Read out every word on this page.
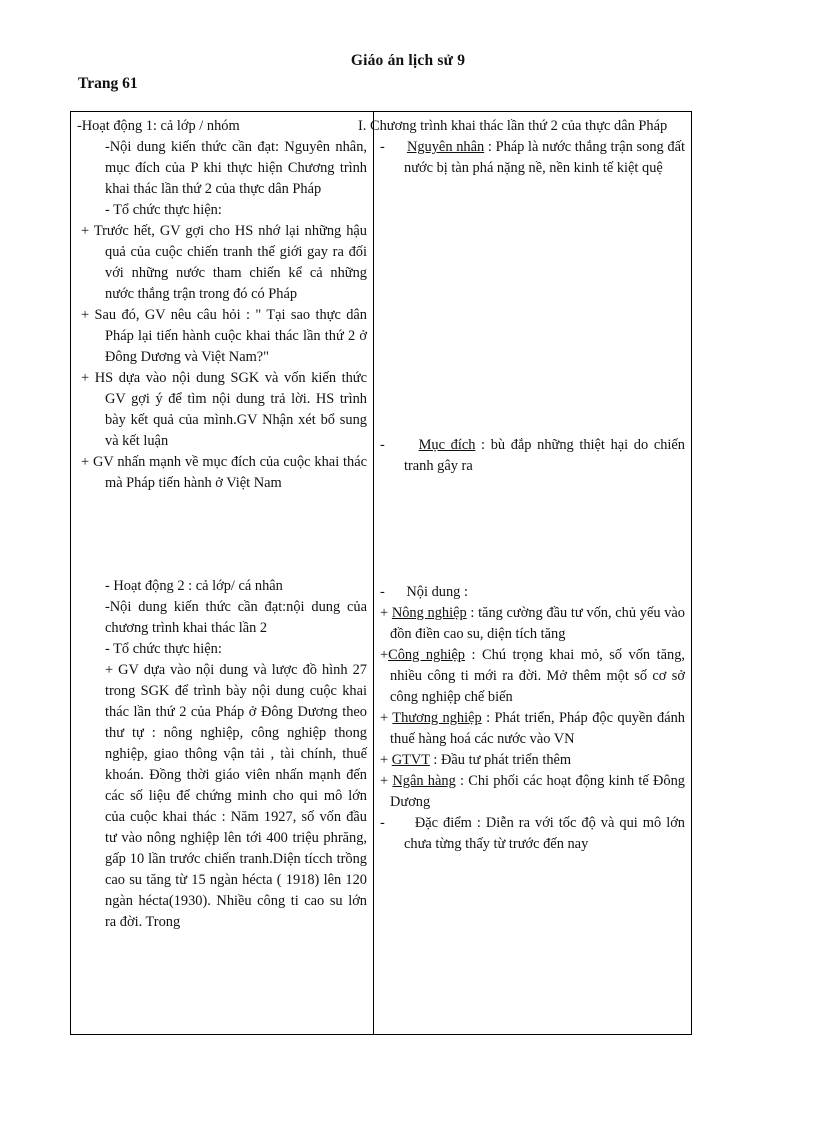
Giáo án lịch sử 9
Trang 61

-Hoạt động 1: cả lớp / nhóm

-Nội dung kiến thức cần đạt: Nguyên nhân, mục đích của P khi thực hiện Chương trình khai thác lần thứ 2 của thực dân Pháp

- Tổ chức thực hiện:

+ Trước hết, GV gợi cho HS nhớ lại những hậu quả của cuộc chiến tranh thế giới gay ra đối với những nước tham chiến kể cả những nước thắng trận trong đó có Pháp

+ Sau đó, GV nêu câu hỏi : " Tại sao thực dân Pháp lại tiến hành cuộc khai thác lần thứ 2 ở Đông Dương và Việt Nam?"

+ HS dựa vào nội dung SGK và vốn kiến thức GV gợi ý để tìm nội dung trả lời. HS trình bày kết quả của mình.GV Nhận xét bổ sung và kết luận

+ GV nhấn mạnh về mục đích của cuộc khai thác mà Pháp tiến hành ở Việt Nam

- Hoạt động 2 : cả lớp/ cá nhân

-Nội dung kiến thức cần đạt:nội dung của chương trình khai thác lần 2

- Tổ chức thực hiện:

+ GV dựa vào nội dung và lược đồ hình 27 trong SGK để trình bày nội dung cuộc khai thác lần thứ 2 của Pháp ở Đông Dương theo thư tự : nông nghiệp, công nghiệp thong nghiệp, giao thông vận tải , tài chính, thuế khoán. Đồng thời giáo viên nhấn mạnh đến các số liệu để chứng minh cho qui mô lớn của cuộc khai thác : Năm 1927, số vốn đầu tư vào nông nghiệp lên tới 400 triệu phrăng, gấp 10 lần trước chiến tranh.Diện tícch trồng cao su tăng từ 15 ngàn hécta ( 1918) lên 120 ngàn hécta(1930). Nhiều công ti cao su lớn ra đời. Trong

I. Chương trình khai thác lần thứ 2 của thực dân Pháp

- Nguyên nhân : Pháp là nước thắng trận song đất nước bị tàn phá nặng nề, nền kinh tế kiệt quệ

- Mục đích : bù đắp những thiệt hại do chiến tranh gây ra

- Nội dung :

+ Nông nghiệp : tăng cường đầu tư vốn, chủ yếu vào đồn điền cao su, diện tích tăng

+Công nghiệp : Chú trọng khai mỏ, số vốn tăng, nhiều công ti mới ra đời. Mở thêm một số cơ sở công nghiệp chế biến

+ Thương nghiệp : Phát triển, Pháp độc quyền đánh thuế hàng hoá các nước vào VN

+ GTVT : Đầu tư phát triển thêm

+ Ngân hàng : Chi phối các hoạt động kinh tế Đông Dương

- Đặc điểm : Diễn ra với tốc độ và qui mô lớn chưa từng thấy từ trước đến nay
